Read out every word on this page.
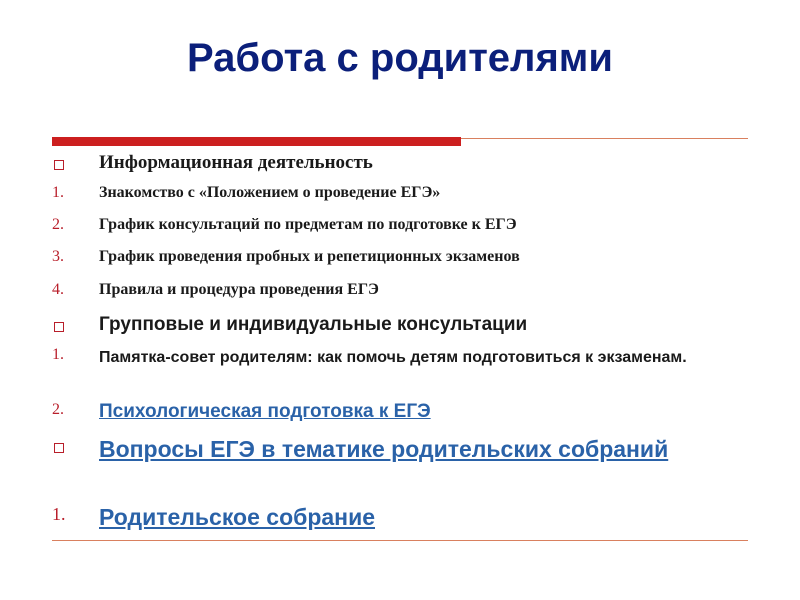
Работа с родителями
Информационная деятельность
1. Знакомство с «Положением о проведение ЕГЭ»
2. График консультаций по предметам по подготовке к ЕГЭ
3. График проведения пробных и репетиционных экзаменов
4. Правила и процедура проведения ЕГЭ
Групповые и индивидуальные консультации
1. Памятка-совет родителям: как помочь детям подготовиться к экзаменам.
2. Психологическая подготовка к ЕГЭ
Вопросы ЕГЭ в тематике родительских собраний
1. Родительское собрание
